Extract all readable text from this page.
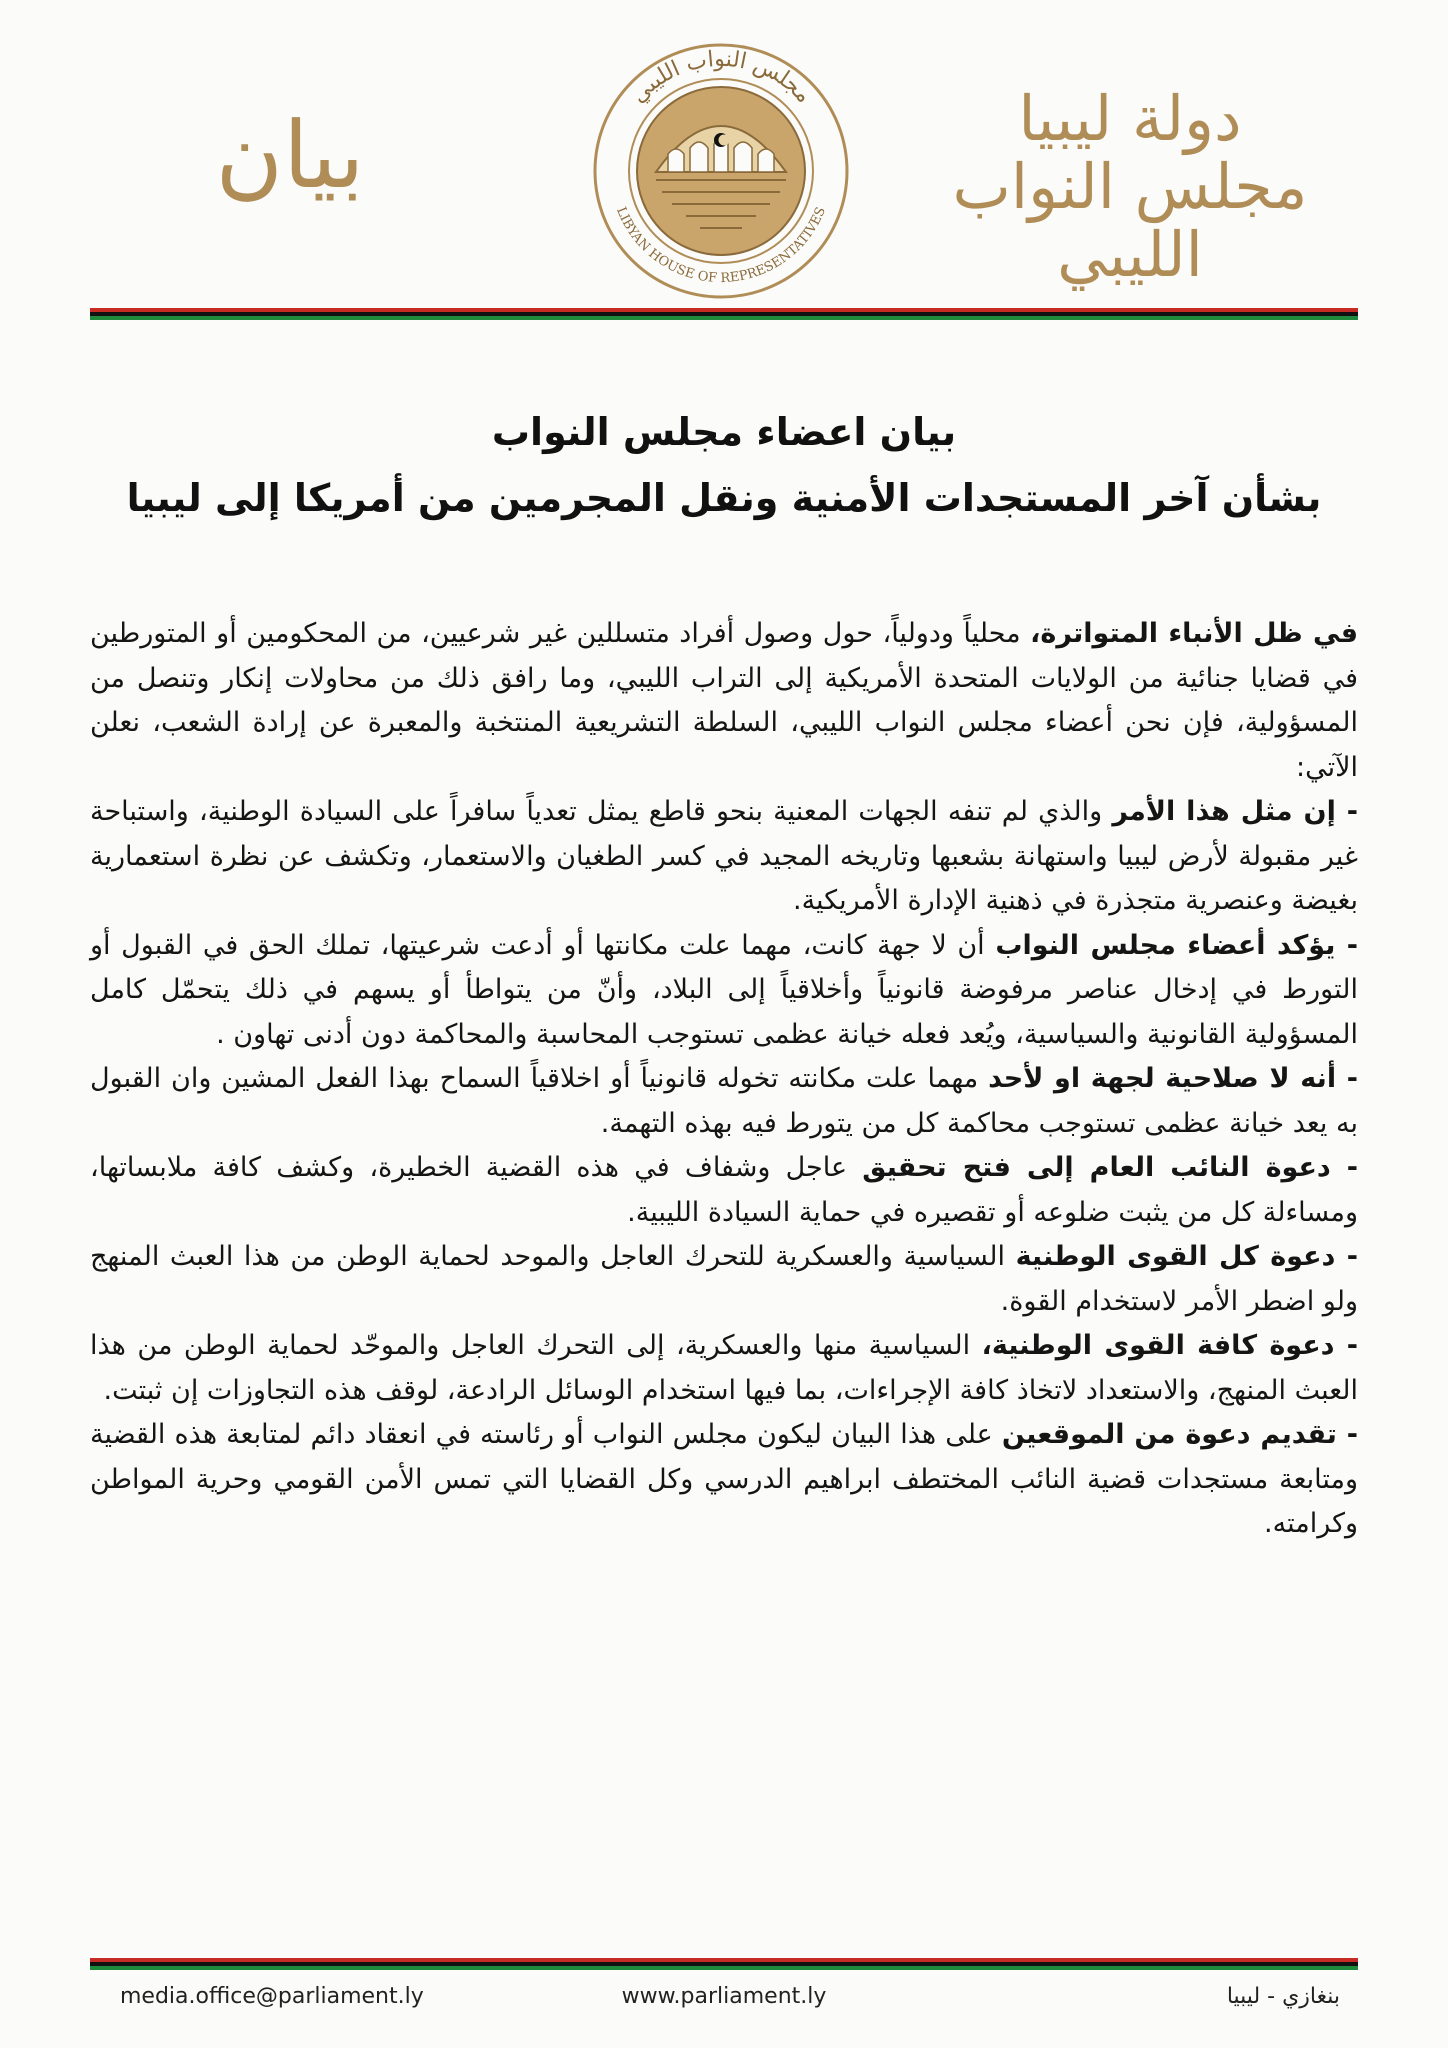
بيان
مجلس النواب الليبي
LIBYAN HOUSE OF REPRESENTATIVES
دولة ليبيا
مجلس النواب الليبي
بيان اعضاء مجلس النواب
بشأن آخر المستجدات الأمنية ونقل المجرمين من أمريكا إلى ليبيا

في ظل الأنباء المتواترة، محلياً ودولياً، حول وصول أفراد متسللين غير شرعيين، من المحكومين أو المتورطين في قضايا جنائية من الولايات المتحدة الأمريكية إلى التراب الليبي، وما رافق ذلك من محاولات إنكار وتنصل من المسؤولية، فإن نحن أعضاء مجلس النواب الليبي، السلطة التشريعية المنتخبة والمعبرة عن إرادة الشعب، نعلن الآتي:

- إن مثل هذا الأمر والذي لم تنفه الجهات المعنية بنحو قاطع يمثل تعدياً سافراً على السيادة الوطنية، واستباحة غير مقبولة لأرض ليبيا واستهانة بشعبها وتاريخه المجيد في كسر الطغيان والاستعمار، وتكشف عن نظرة استعمارية بغيضة وعنصرية متجذرة في ذهنية الإدارة الأمريكية.

- يؤكد أعضاء مجلس النواب أن لا جهة كانت، مهما علت مكانتها أو أدعت شرعيتها، تملك الحق في القبول أو التورط في إدخال عناصر مرفوضة قانونياً وأخلاقياً إلى البلاد، وأنّ من يتواطأ أو يسهم في ذلك يتحمّل كامل المسؤولية القانونية والسياسية، ويُعد فعله خيانة عظمى تستوجب المحاسبة والمحاكمة دون أدنى تهاون .

- أنه لا صلاحية لجهة او لأحد مهما علت مكانته تخوله قانونياً أو اخلاقياً السماح بهذا الفعل المشين وان القبول به يعد خيانة عظمى تستوجب محاكمة كل من يتورط فيه بهذه التهمة.

- دعوة النائب العام إلى فتح تحقيق عاجل وشفاف في هذه القضية الخطيرة، وكشف كافة ملابساتها، ومساءلة كل من يثبت ضلوعه أو تقصيره في حماية السيادة الليبية.

- دعوة كل القوى الوطنية السياسية والعسكرية للتحرك العاجل والموحد لحماية الوطن من هذا العبث المنهج ولو اضطر الأمر لاستخدام القوة.

- دعوة كافة القوى الوطنية، السياسية منها والعسكرية، إلى التحرك العاجل والموحّد لحماية الوطن من هذا العبث المنهج، والاستعداد لاتخاذ كافة الإجراءات، بما فيها استخدام الوسائل الرادعة، لوقف هذه التجاوزات إن ثبتت.

- تقديم دعوة من الموقعين على هذا البيان ليكون مجلس النواب أو رئاسته في انعقاد دائم لمتابعة هذه القضية ومتابعة مستجدات قضية النائب المختطف ابراهيم الدرسي وكل القضايا التي تمس الأمن القومي وحرية المواطن وكرامته.

media.office@parliament.ly	www.parliament.ly	بنغازي - ليبيا
